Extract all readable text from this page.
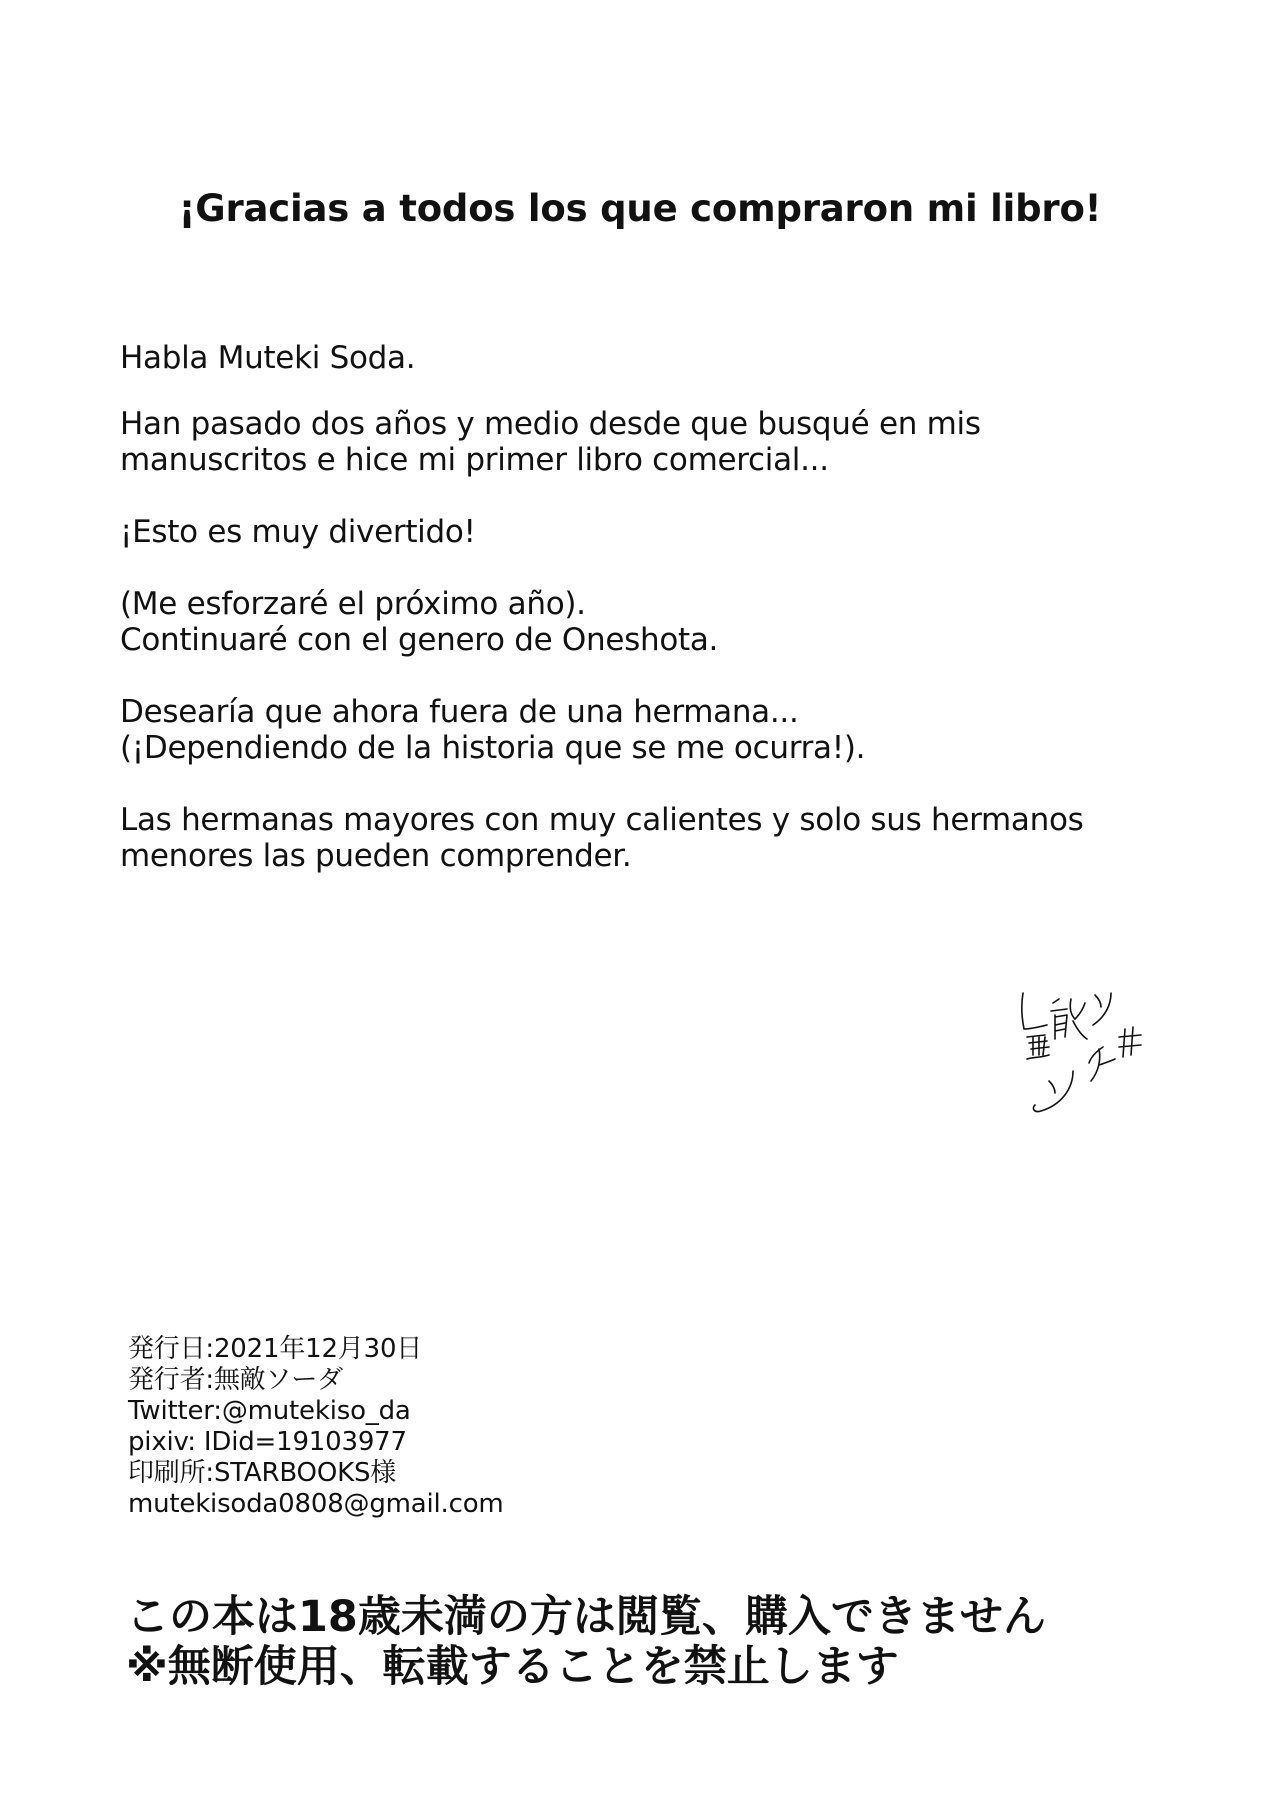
¡Gracias a todos los que compraron mi libro!

Habla Muteki Soda.

Han pasado dos años y medio desde que busqué en mis
manuscritos e hice mi primer libro comercial...

¡Esto es muy divertido!

(Me esforzaré el próximo año).
Continuaré con el genero de Oneshota.

Desearía que ahora fuera de una hermana...
(¡Dependiendo de la historia que se me ocurra!).

Las hermanas mayores con muy calientes y solo sus hermanos
menores las pueden comprender.

発行日:2021年12月30日
発行者:無敵ソーダ
Twitter:@mutekiso_da
pixiv: IDid=19103977
印刷所:STARBOOKS様
mutekisoda0808@gmail.com
この本は18歳未満の方は閲覧、購入できません
※無断使用、転載することを禁止します
